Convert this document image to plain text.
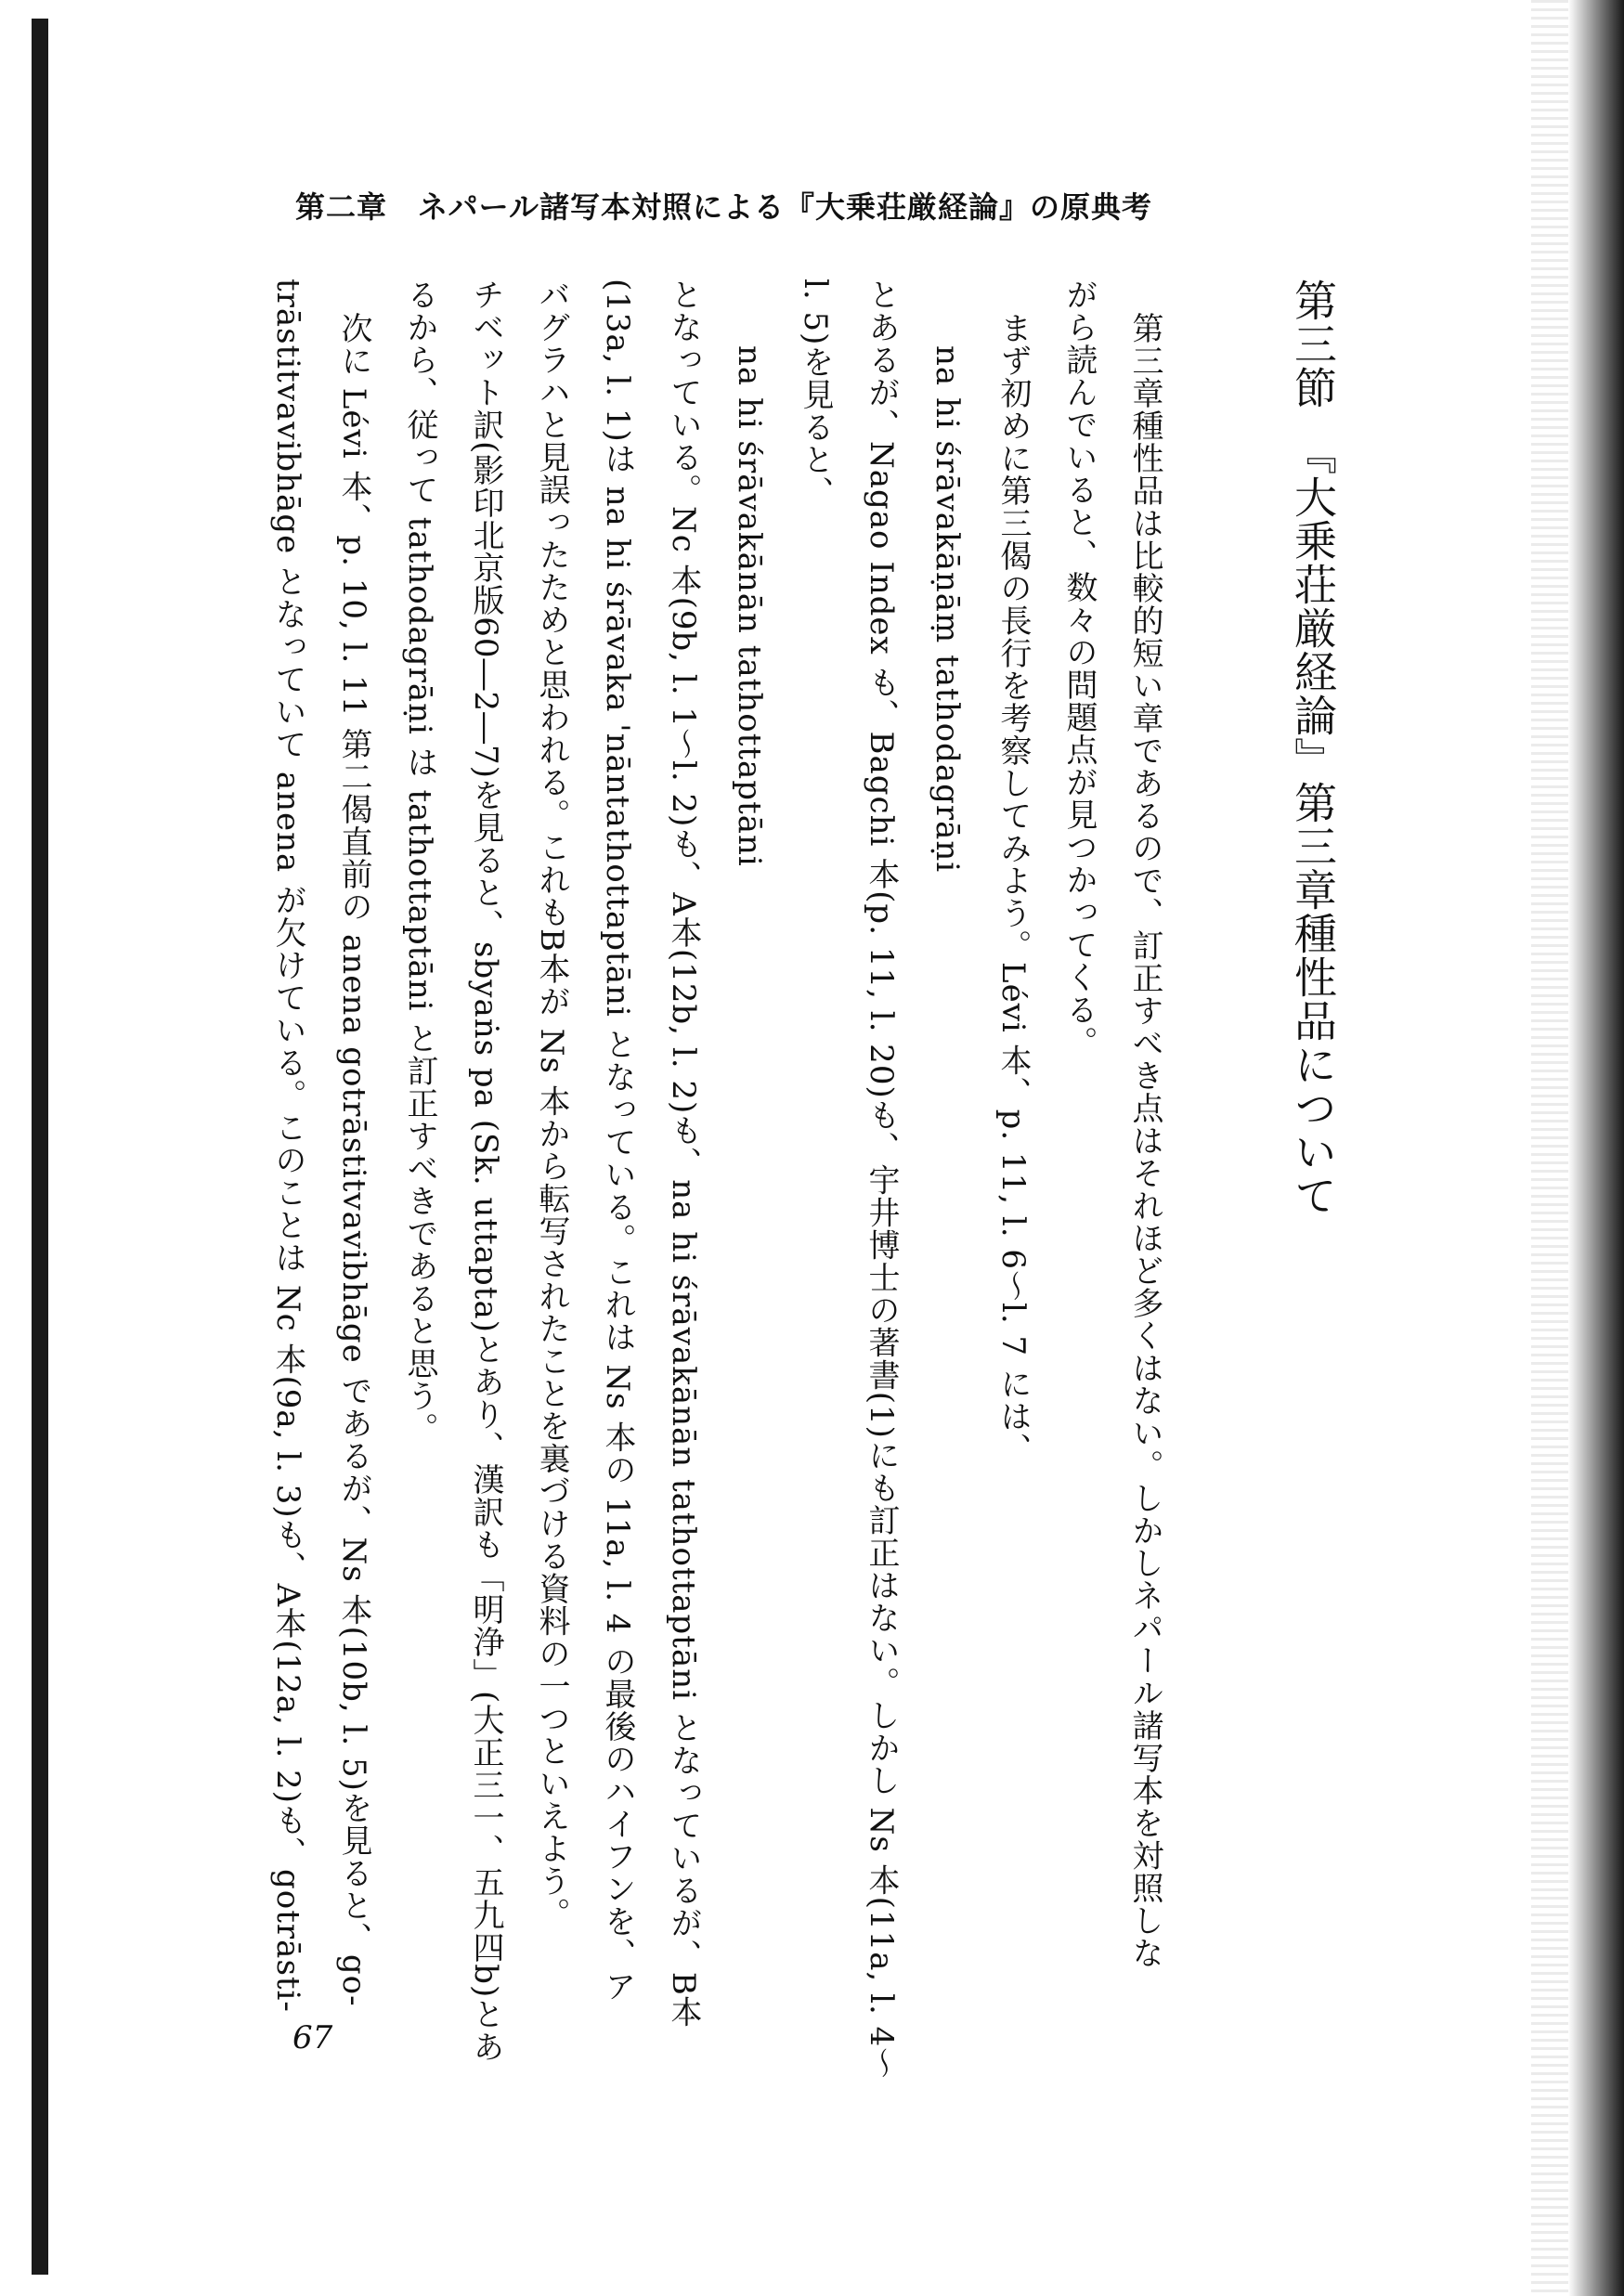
第二章　ネパール諸写本対照による『大乗荘厳経論』の原典考
第三節　『大乗荘厳経論』第三章種性品について
第三章種性品は比較的短い章であるので、訂正すべき点はそれほど多くはない。しかしネパール諸写本を対照しな
がら読んでいると、数々の問題点が見つかってくる。
まず初めに第三偈の長行を考察してみよう。Lévi 本、p. 11, l. 6〜l. 7 には、
na hi śrāvakāṇāṃ tathodagrāṇi
とあるが、Nagao Index も、Bagchi 本(p. 11, l. 20)も、宇井博士の著書(1)にも訂正はない。しかし Ns 本(11a, l. 4〜
l. 5)を見ると、
na hi śrāvakānān tathottaptāni
となっている。Nc 本(9b, l. 1〜l. 2)も、A本(12b, l. 2)も、na hi śrāvakānān tathottaptāni となっているが、B本
(13a, l. 1)は na hi śrāvaka 'nāntathottaptāni となっている。これは Ns 本の 11a, l. 4 の最後のハイフンを、ア
バグラハと見誤ったためと思われる。これもB本が Ns 本から転写されたことを裏づける資料の一つといえよう。
チベット訳(影印北京版60―2―7)を見ると、sbyaṅs pa (Sk. uttapta)とあり、漢訳も「明浄」(大正三一、五九四b)とあ
るから、従って tathodagrāṇi は tathottaptāni と訂正すべきであると思う。
次に Lévi 本、p. 10, l. 11 第二偈直前の anena gotrāstitvavibhāge であるが、Ns 本(10b, l. 5)を見ると、go-
trāstitvavibhāge となっていて anena が欠けている。このことは Nc 本(9a, l. 3)も、A本(12a, l. 2)も、gotrāsti-
67
